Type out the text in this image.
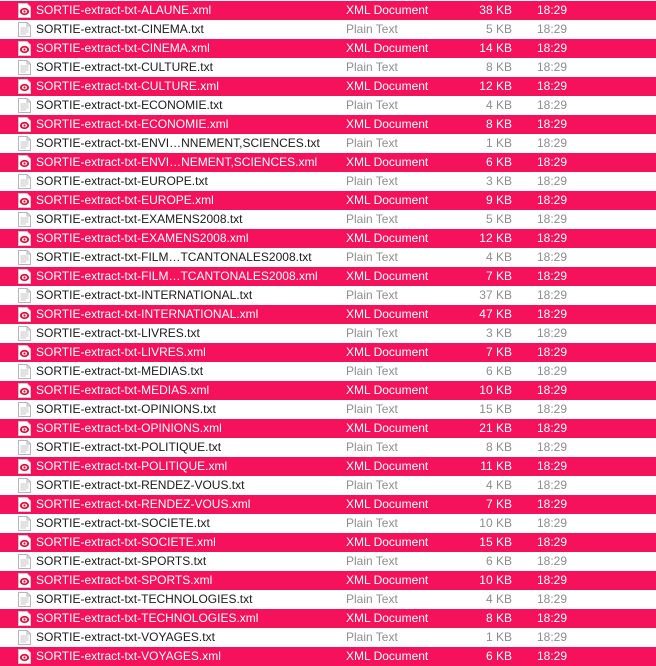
SORTIE-extract-txt-ALAUNE.xml	XML Document	38 KB 18:29
SORTIE-extract-txt-CINEMA.txt	Plain Text	5 KB 18:29
SORTIE-extract-txt-CINEMA.xml	XML Document	14 KB 18:29
SORTIE-extract-txt-CULTURE.txt	Plain Text	8 KB 18:29
SORTIE-extract-txt-CULTURE.xml	XML Document	12 KB 18:29
SORTIE-extract-txt-ECONOMIE.txt	Plain Text	4 KB 18:29
SORTIE-extract-txt-ECONOMIE.xml	XML Document	8 KB 18:29
SORTIE-extract-txt-ENVI…NNEMENT,SCIENCES.txt	Plain Text	1 KB 18:29
SORTIE-extract-txt-ENVI…NEMENT,SCIENCES.xml	XML Document	6 KB 18:29
SORTIE-extract-txt-EUROPE.txt	Plain Text	3 KB 18:29
SORTIE-extract-txt-EUROPE.xml	XML Document	9 KB 18:29
SORTIE-extract-txt-EXAMENS2008.txt	Plain Text	5 KB 18:29
SORTIE-extract-txt-EXAMENS2008.xml	XML Document	12 KB 18:29
SORTIE-extract-txt-FILM…TCANTONALES2008.txt	Plain Text	4 KB 18:29
SORTIE-extract-txt-FILM…TCANTONALES2008.xml	XML Document	7 KB 18:29
SORTIE-extract-txt-INTERNATIONAL.txt	Plain Text	37 KB 18:29
SORTIE-extract-txt-INTERNATIONAL.xml	XML Document	47 KB 18:29
SORTIE-extract-txt-LIVRES.txt	Plain Text	3 KB 18:29
SORTIE-extract-txt-LIVRES.xml	XML Document	7 KB 18:29
SORTIE-extract-txt-MEDIAS.txt	Plain Text	6 KB 18:29
SORTIE-extract-txt-MEDIAS.xml	XML Document	10 KB 18:29
SORTIE-extract-txt-OPINIONS.txt	Plain Text	15 KB 18:29
SORTIE-extract-txt-OPINIONS.xml	XML Document	21 KB 18:29
SORTIE-extract-txt-POLITIQUE.txt	Plain Text	8 KB 18:29
SORTIE-extract-txt-POLITIQUE.xml	XML Document	11 KB 18:29
SORTIE-extract-txt-RENDEZ-VOUS.txt	Plain Text	4 KB 18:29
SORTIE-extract-txt-RENDEZ-VOUS.xml	XML Document	7 KB 18:29
SORTIE-extract-txt-SOCIETE.txt	Plain Text	10 KB 18:29
SORTIE-extract-txt-SOCIETE.xml	XML Document	15 KB 18:29
SORTIE-extract-txt-SPORTS.txt	Plain Text	6 KB 18:29
SORTIE-extract-txt-SPORTS.xml	XML Document	10 KB 18:29
SORTIE-extract-txt-TECHNOLOGIES.txt	Plain Text	4 KB 18:29
SORTIE-extract-txt-TECHNOLOGIES.xml	XML Document	8 KB 18:29
SORTIE-extract-txt-VOYAGES.txt	Plain Text	1 KB 18:29
SORTIE-extract-txt-VOYAGES.xml	XML Document	6 KB 18:29
